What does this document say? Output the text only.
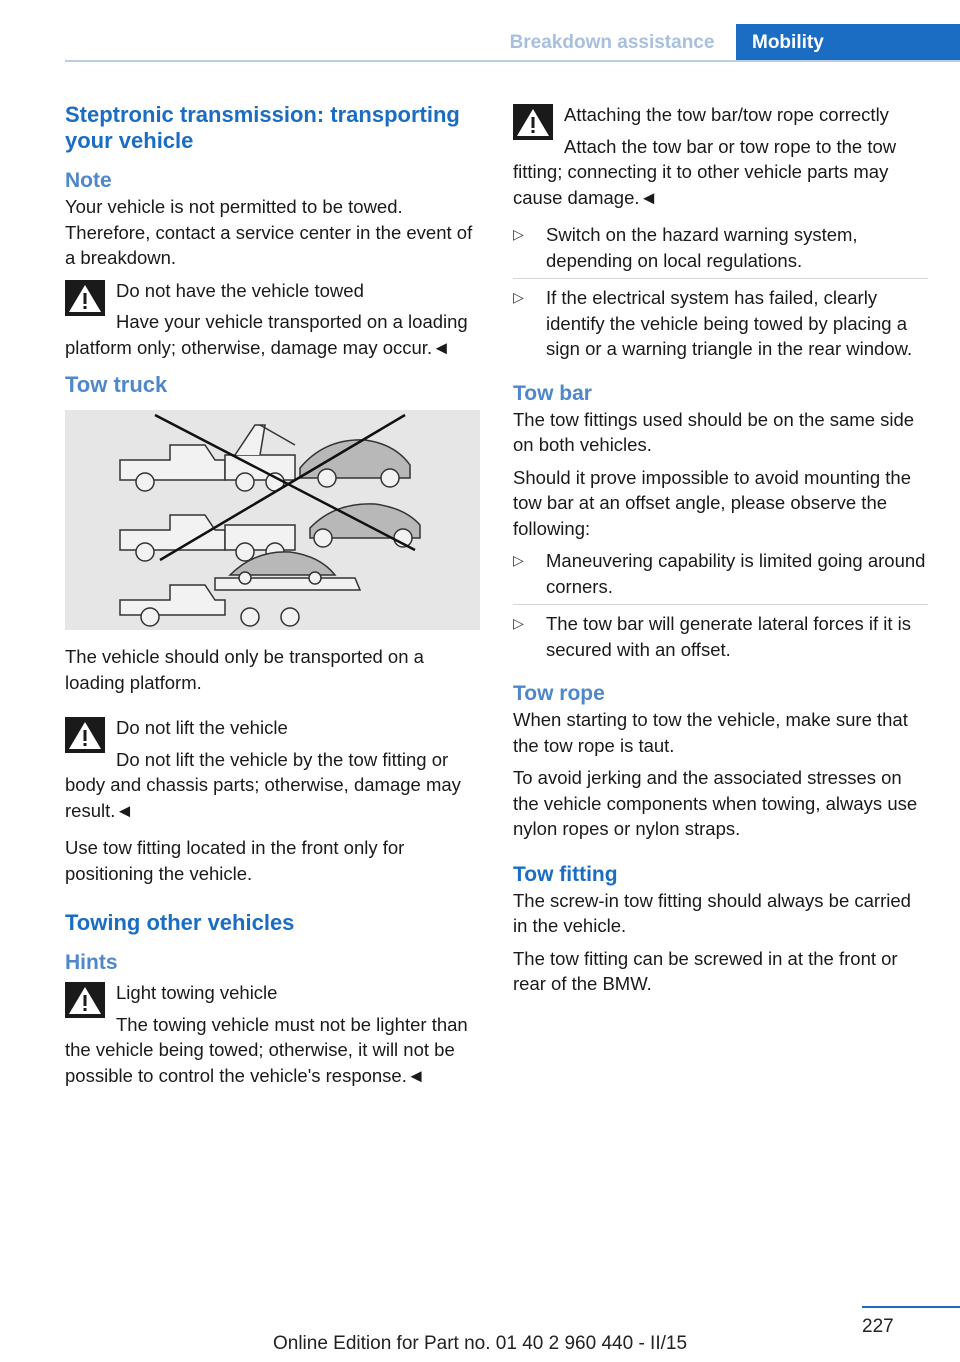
Breakdown assistance	Mobility
Steptronic transmission: transporting your vehicle
Note

Your vehicle is not permitted to be towed. Therefore, contact a service center in the event of a breakdown.

Do not have the vehicle towed
Have your vehicle transported on a loading platform only; otherwise, damage may occur.◄
Tow truck

The vehicle should only be transported on a loading platform.

Do not lift the vehicle
Do not lift the vehicle by the tow fitting or body and chassis parts; otherwise, damage may result.◄

Use tow fitting located in the front only for positioning the vehicle.

Towing other vehicles
Hints
Light towing vehicle
The towing vehicle must not be lighter than the vehicle being towed; otherwise, it will not be possible to control the vehicle's response.◄
Attaching the tow bar/tow rope correctly
Attach the tow bar or tow rope to the tow fitting; connecting it to other vehicle parts may cause damage.◄
▷ Switch on the hazard warning system, depending on local regulations.
▷ If the electrical system has failed, clearly identify the vehicle being towed by placing a sign or a warning triangle in the rear window.
Tow bar

The tow fittings used should be on the same side on both vehicles.

Should it prove impossible to avoid mounting the tow bar at an offset angle, please observe the following:

▷ Maneuvering capability is limited going around corners.
▷ The tow bar will generate lateral forces if it is secured with an offset.
Tow rope

When starting to tow the vehicle, make sure that the tow rope is taut.

To avoid jerking and the associated stresses on the vehicle components when towing, always use nylon ropes or nylon straps.

Tow fitting

The screw-in tow fitting should always be carried in the vehicle.

The tow fitting can be screwed in at the front or rear of the BMW.

227
Online Edition for Part no. 01 40 2 960 440 - II/15
